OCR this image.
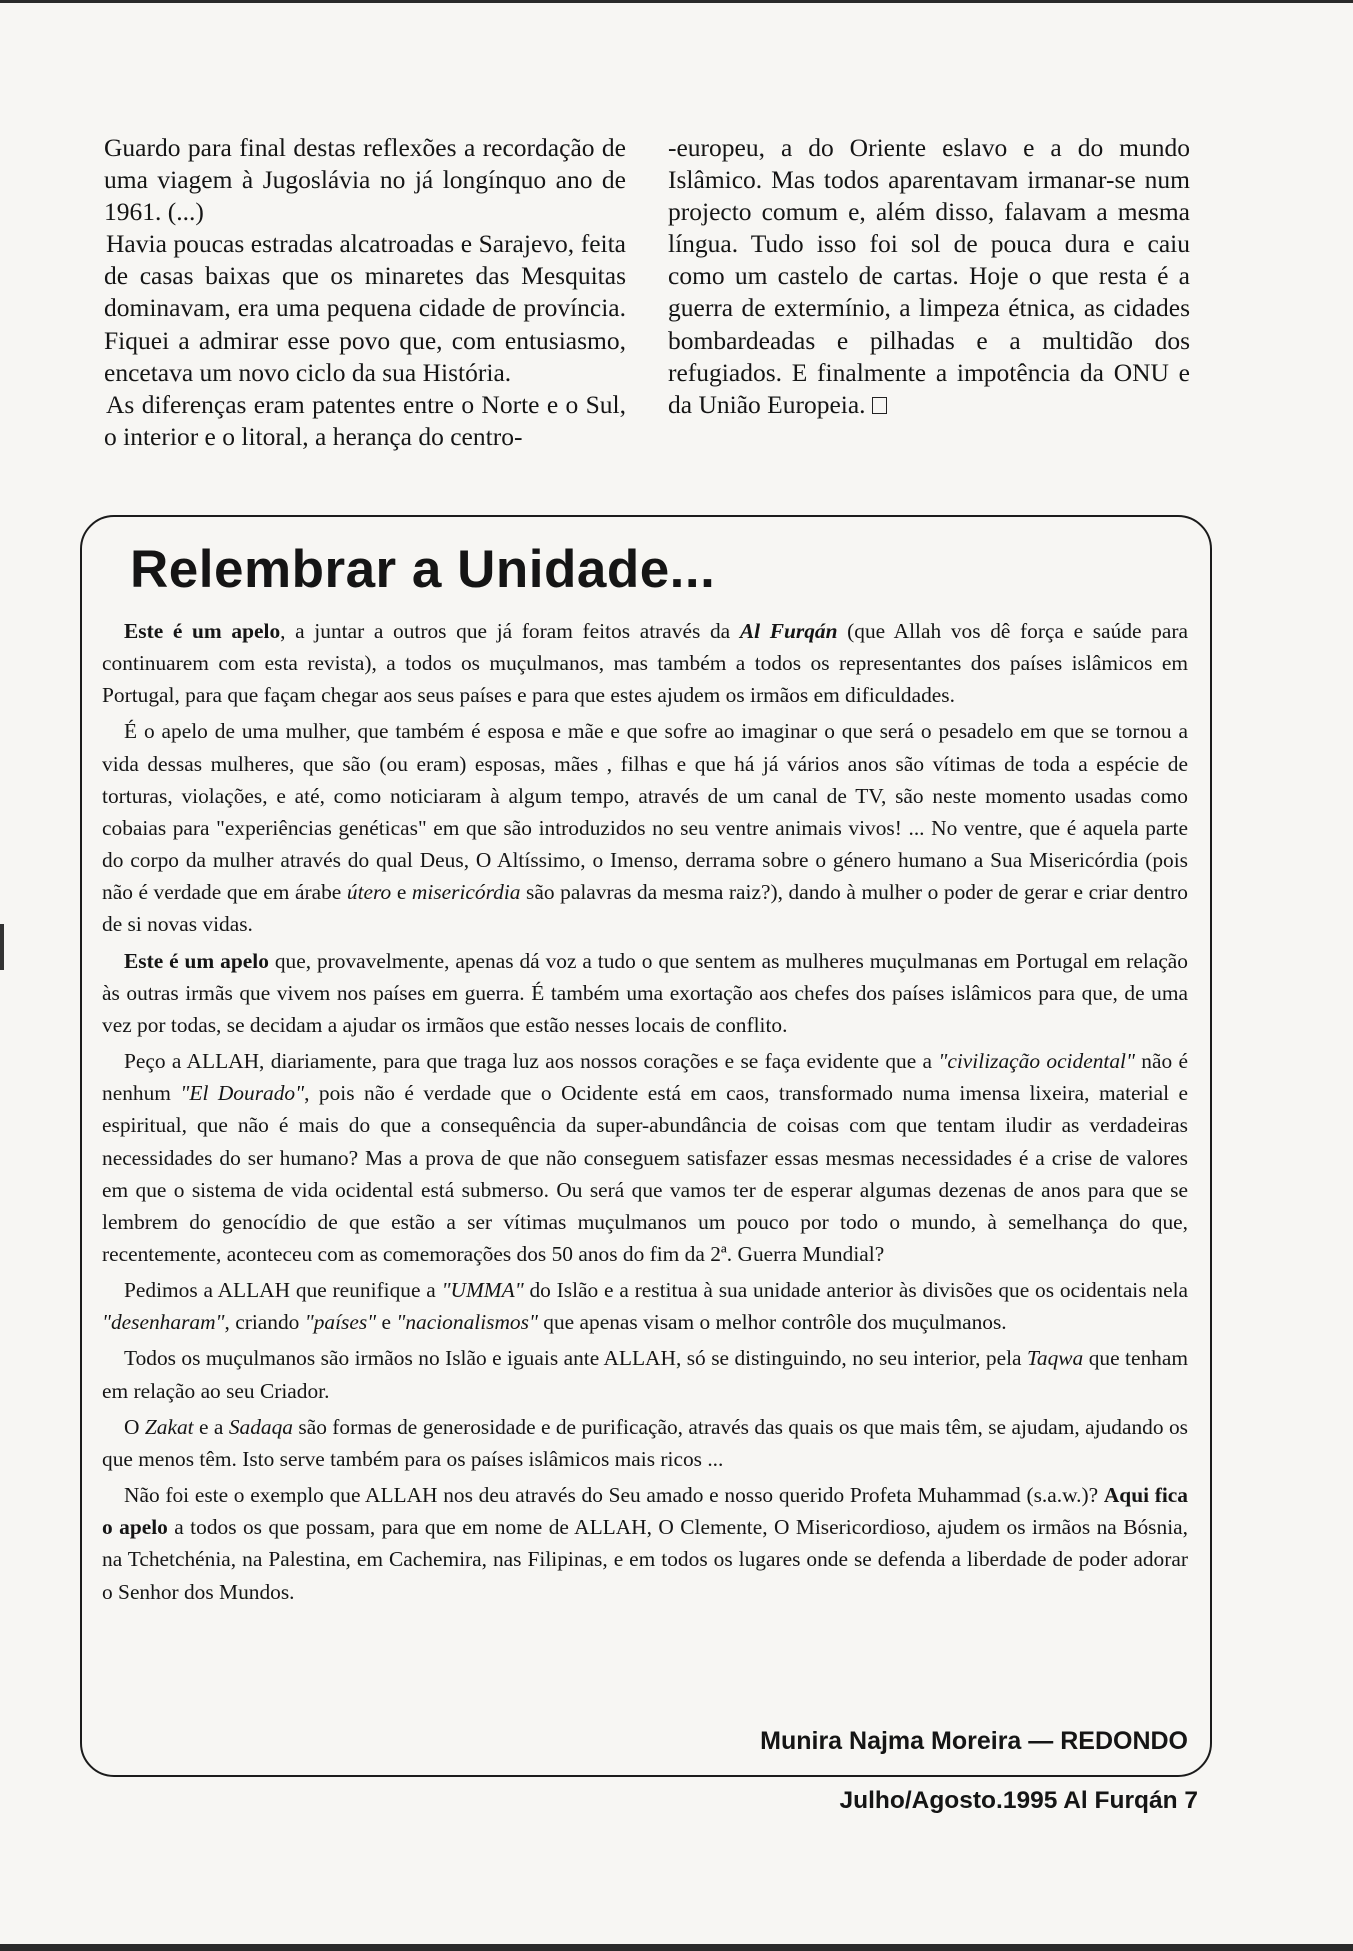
Guardo para final destas reflexões a recordação de uma viagem à Jugoslávia no já longínquo ano de 1961. (...)

Havia poucas estradas alcatroadas e Sarajevo, feita de casas baixas que os minaretes das Mesquitas dominavam, era uma pequena cidade de província. Fiquei a admirar esse povo que, com entusiasmo, encetava um novo ciclo da sua História.

As diferenças eram patentes entre o Norte e o Sul, o interior e o litoral, a herança do centro-

-europeu, a do Oriente eslavo e a do mundo Islâmico. Mas todos aparentavam irmanar-se num projecto comum e, além disso, falavam a mesma língua. Tudo isso foi sol de pouca dura e caiu como um castelo de cartas. Hoje o que resta é a guerra de extermínio, a limpeza étnica, as cidades bombardeadas e pilhadas e a multidão dos refugiados. E finalmente a impotência da ONU e da União Europeia.

Relembrar a Unidade...

Este é um apelo, a juntar a outros que já foram feitos através da Al Furqán (que Allah vos dê força e saúde para continuarem com esta revista), a todos os muçulmanos, mas também a todos os representantes dos países islâmicos em Portugal, para que façam chegar aos seus países e para que estes ajudem os irmãos em dificuldades.

É o apelo de uma mulher, que também é esposa e mãe e que sofre ao imaginar o que será o pesadelo em que se tornou a vida dessas mulheres, que são (ou eram) esposas, mães , filhas e que há já vários anos são vítimas de toda a espécie de torturas, violações, e até, como noticiaram à algum tempo, através de um canal de TV, são neste momento usadas como cobaias para "experiências genéticas" em que são introduzidos no seu ventre animais vivos! ... No ventre, que é aquela parte do corpo da mulher através do qual Deus, O Altíssimo, o Imenso, derrama sobre o género humano a Sua Misericórdia (pois não é verdade que em árabe útero e misericórdia são palavras da mesma raiz?), dando à mulher o poder de gerar e criar dentro de si novas vidas.

Este é um apelo que, provavelmente, apenas dá voz a tudo o que sentem as mulheres muçulmanas em Portugal em relação às outras irmãs que vivem nos países em guerra. É também uma exortação aos chefes dos países islâmicos para que, de uma vez por todas, se decidam a ajudar os irmãos que estão nesses locais de conflito.

Peço a ALLAH, diariamente, para que traga luz aos nossos corações e se faça evidente que a "civilização ocidental" não é nenhum "El Dourado", pois não é verdade que o Ocidente está em caos, transformado numa imensa lixeira, material e espiritual, que não é mais do que a consequência da super-abundância de coisas com que tentam iludir as verdadeiras necessidades do ser humano? Mas a prova de que não conseguem satisfazer essas mesmas necessidades é a crise de valores em que o sistema de vida ocidental está submerso. Ou será que vamos ter de esperar algumas dezenas de anos para que se lembrem do genocídio de que estão a ser vítimas muçulmanos um pouco por todo o mundo, à semelhança do que, recentemente, aconteceu com as comemorações dos 50 anos do fim da 2ª. Guerra Mundial?

Pedimos a ALLAH que reunifique a "UMMA" do Islão e a restitua à sua unidade anterior às divisões que os ocidentais nela "desenharam", criando "países" e "nacionalismos" que apenas visam o melhor contrôle dos muçulmanos.

Todos os muçulmanos são irmãos no Islão e iguais ante ALLAH, só se distinguindo, no seu interior, pela Taqwa que tenham em relação ao seu Criador.

O Zakat e a Sadaqa são formas de generosidade e de purificação, através das quais os que mais têm, se ajudam, ajudando os que menos têm. Isto serve também para os países islâmicos mais ricos ...

Não foi este o exemplo que ALLAH nos deu através do Seu amado e nosso querido Profeta Muhammad (s.a.w.)? Aqui fica o apelo a todos os que possam, para que em nome de ALLAH, O Clemente, O Misericordioso, ajudem os irmãos na Bósnia, na Tchetchénia, na Palestina, em Cachemira, nas Filipinas, e em todos os lugares onde se defenda a liberdade de poder adorar o Senhor dos Mundos.

Munira Najma Moreira — REDONDO
Julho/Agosto.1995 Al Furqán 7
